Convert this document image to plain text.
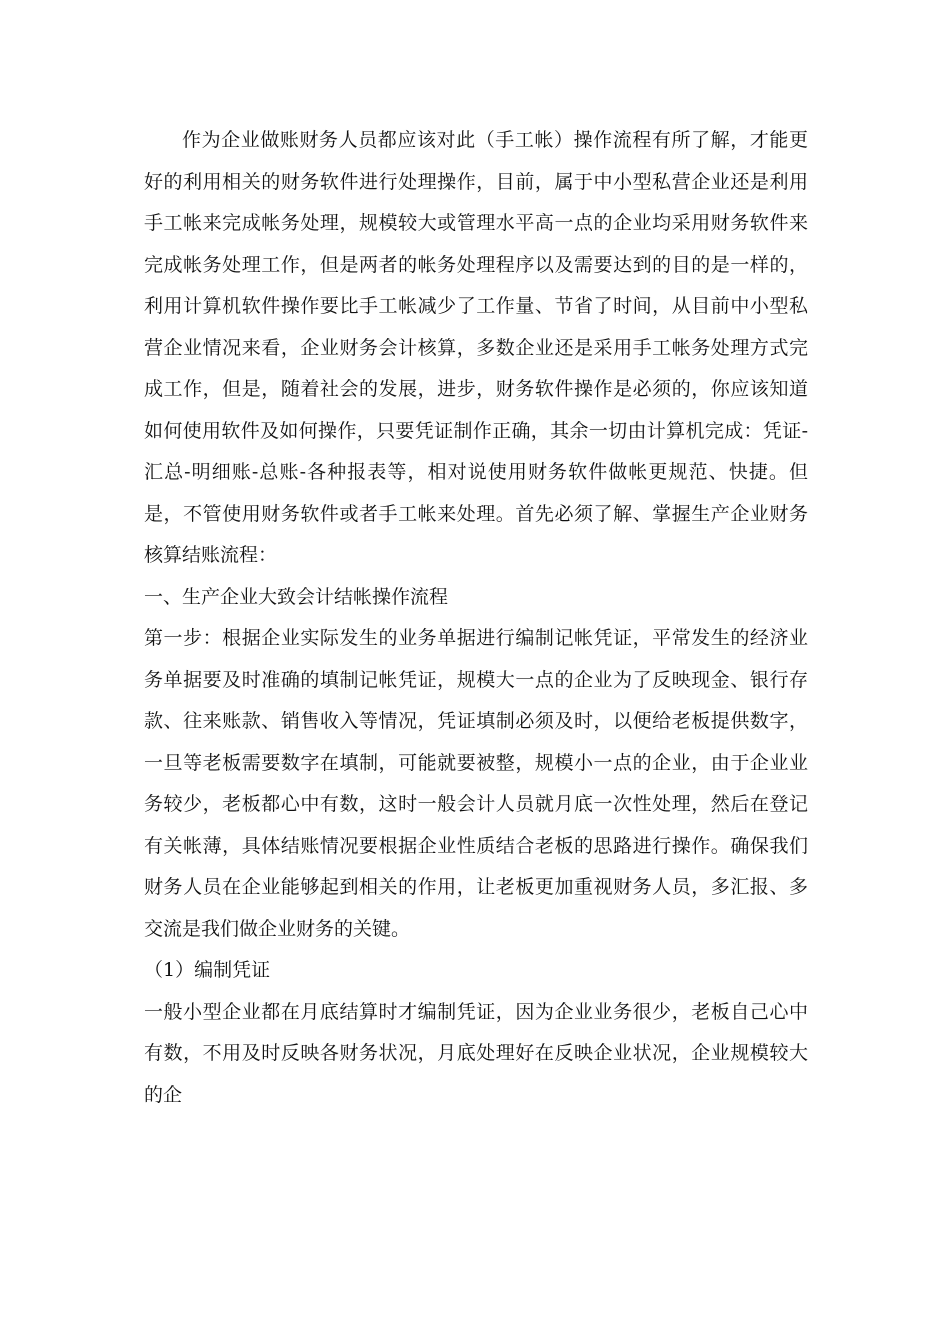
作为企业做账财务人员都应该对此（手工帐）操作流程有所了解，才能更好的利用相关的财务软件进行处理操作，目前，属于中小型私营企业还是利用手工帐来完成帐务处理，规模较大或管理水平高一点的企业均采用财务软件来完成帐务处理工作，但是两者的帐务处理程序以及需要达到的目的是一样的，利用计算机软件操作要比手工帐减少了工作量、节省了时间，从目前中小型私营企业情况来看，企业财务会计核算，多数企业还是采用手工帐务处理方式完成工作，但是，随着社会的发展，进步，财务软件操作是必须的，你应该知道如何使用软件及如何操作，只要凭证制作正确，其余一切由计算机完成：凭证-汇总-明细账-总账-各种报表等，相对说使用财务软件做帐更规范、快捷。但是，不管使用财务软件或者手工帐来处理。首先必须了解、掌握生产企业财务核算结账流程：

一、生产企业大致会计结帐操作流程

第一步：根据企业实际发生的业务单据进行编制记帐凭证，平常发生的经济业务单据要及时准确的填制记帐凭证，规模大一点的企业为了反映现金、银行存款、往来账款、销售收入等情况，凭证填制必须及时，以便给老板提供数字，一旦等老板需要数字在填制，可能就要被整，规模小一点的企业，由于企业业务较少，老板都心中有数，这时一般会计人员就月底一次性处理，然后在登记有关帐薄，具体结账情况要根据企业性质结合老板的思路进行操作。确保我们财务人员在企业能够起到相关的作用，让老板更加重视财务人员，多汇报、多交流是我们做企业财务的关键。

（1）编制凭证

一般小型企业都在月底结算时才编制凭证，因为企业业务很少，老板自己心中有数，不用及时反映各财务状况，月底处理好在反映企业状况，企业规模较大的企
